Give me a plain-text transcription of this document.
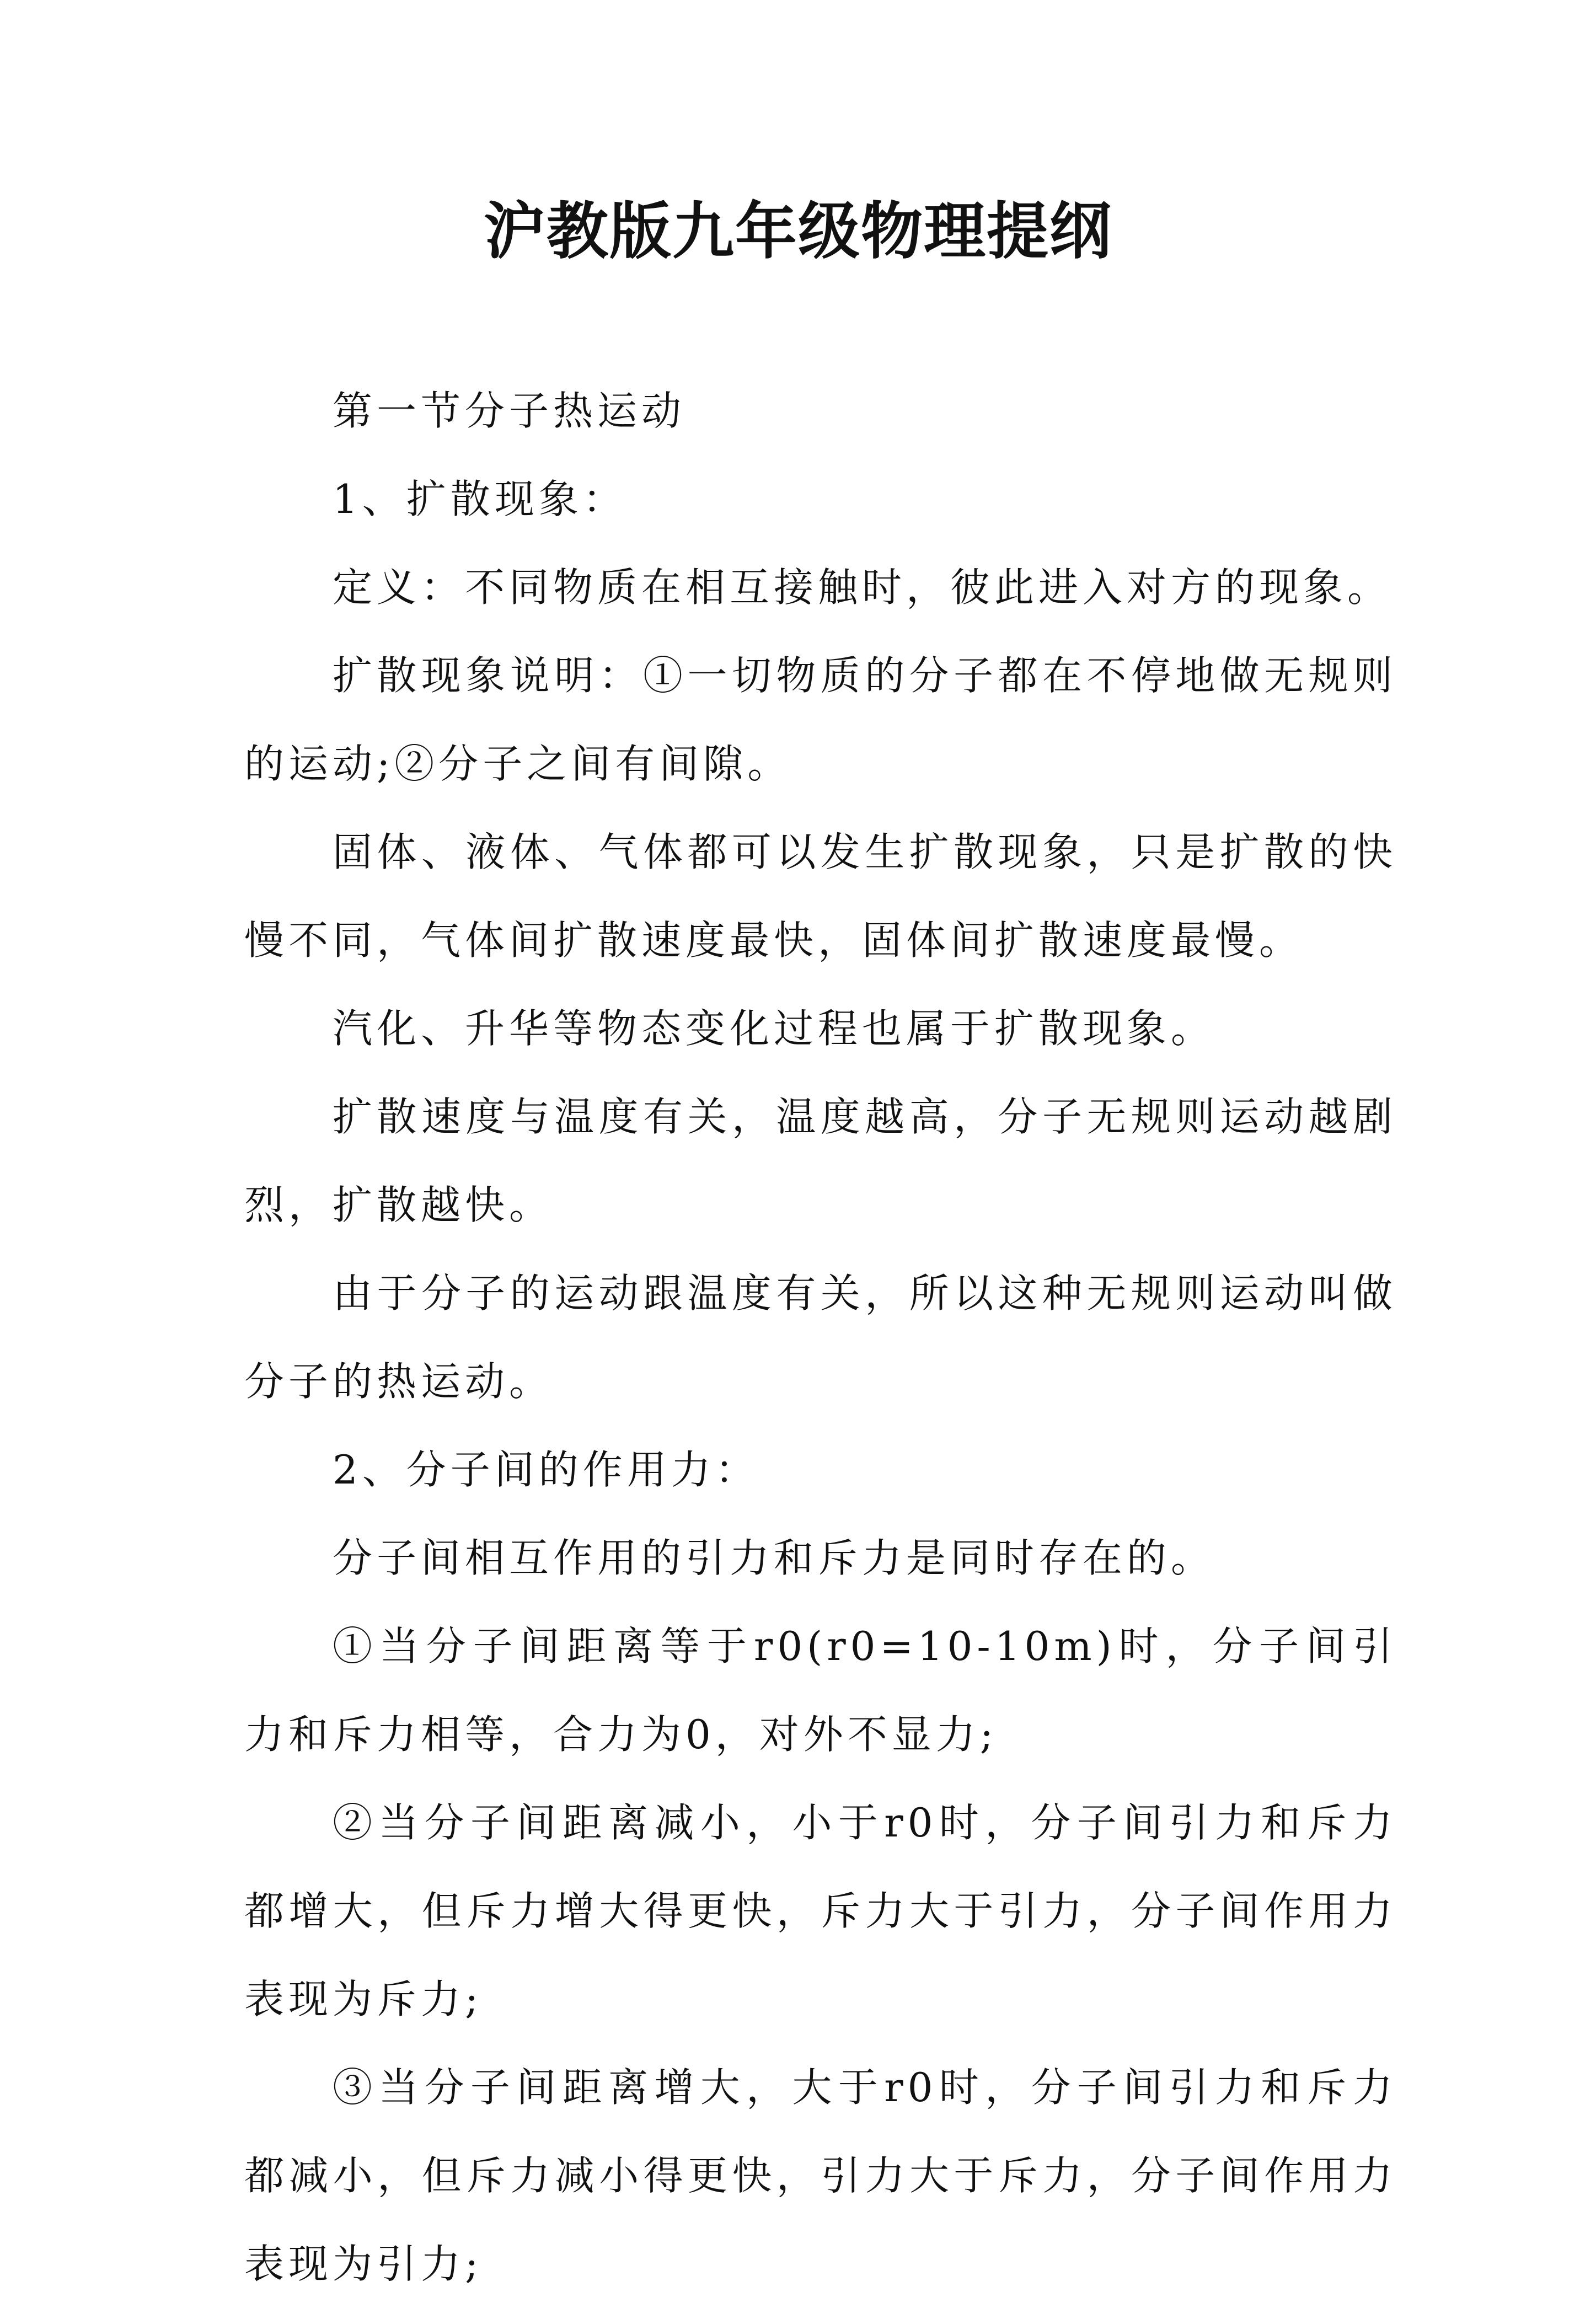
沪教版九年级物理提纲

第一节分子热运动

1、扩散现象：

定义：不同物质在相互接触时，彼此进入对方的现象。

扩散现象说明：①一切物质的分子都在不停地做无规则的运动;②分子之间有间隙。

固体、液体、气体都可以发生扩散现象，只是扩散的快慢不同，气体间扩散速度最快，固体间扩散速度最慢。

汽化、升华等物态变化过程也属于扩散现象。

扩散速度与温度有关，温度越高，分子无规则运动越剧烈，扩散越快。

由于分子的运动跟温度有关，所以这种无规则运动叫做分子的热运动。

2、分子间的作用力：

分子间相互作用的引力和斥力是同时存在的。

①当分子间距离等于r0(r0=10-10m)时，分子间引力和斥力相等，合力为0，对外不显力;

②当分子间距离减小，小于r0时，分子间引力和斥力都增大，但斥力增大得更快，斥力大于引力，分子间作用力表现为斥力;

③当分子间距离增大，大于r0时，分子间引力和斥力都减小，但斥力减小得更快，引力大于斥力，分子间作用力表现为引力;
